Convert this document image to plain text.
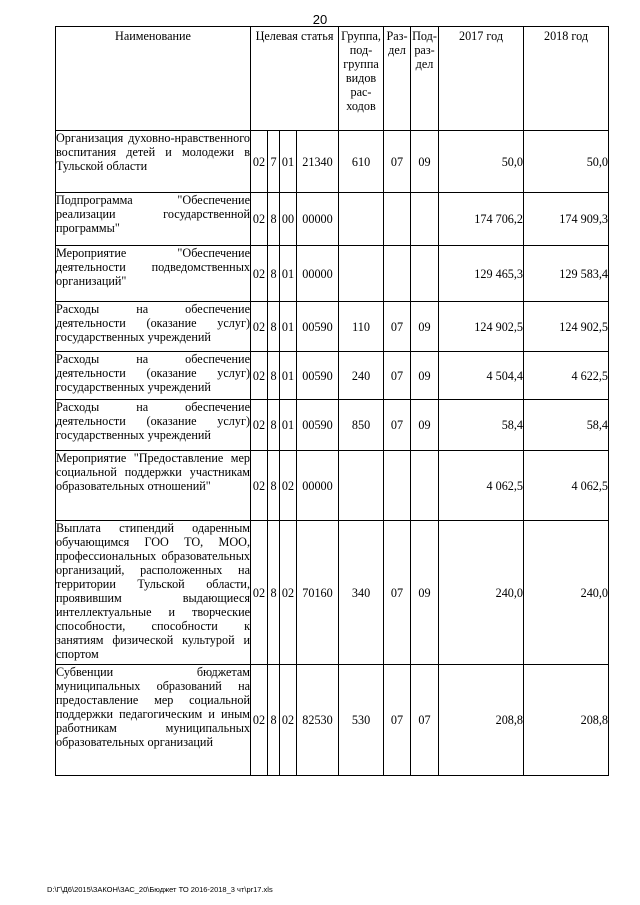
20
Наименование	Целевая статья				Группа, под-группа видов рас-ходов	Раз-дел	Под-раз-дел	2017 год	2018 год
Организация духовно-нравственного воспитания детей и молодежи в Тульской области	02	7	01	21340	610	07	09	50,0	50,0
Подпрограмма "Обеспечение реализации государственной программы"	02	8	00	00000				174 706,2	174 909,3
Мероприятие "Обеспечение деятельности подведомственных организаций"	02	8	01	00000				129 465,3	129 583,4
Расходы на обеспечение деятельности (оказание услуг) государственных учреждений	02	8	01	00590	110	07	09	124 902,5	124 902,5
Расходы на обеспечение деятельности (оказание услуг) государственных учреждений	02	8	01	00590	240	07	09	4 504,4	4 622,5
Расходы на обеспечение деятельности (оказание услуг) государственных учреждений	02	8	01	00590	850	07	09	58,4	58,4
Мероприятие "Предоставление мер социальной поддержки участникам образовательных отношений"	02	8	02	00000				4 062,5	4 062,5
Выплата стипендий одаренным обучающимся ГОО ТО, МОО, профессиональных образовательных организаций, расположенных на территории Тульской области, проявившим выдающиеся интеллектуальные и творческие способности, способности к занятиям физической культурой и спортом	02	8	02	70160	340	07	09	240,0	240,0
Субвенции бюджетам муниципальных образований на предоставление мер социальной поддержки педагогическим и иным работникам муниципальных образовательных организаций	02	8	02	82530	530	07	07	208,8	208,8
D:\Г\Д6\2015\ЗАКОН\ЗАС_20\Бюджет ТО 2016-2018_3 чт\pr17.xls
